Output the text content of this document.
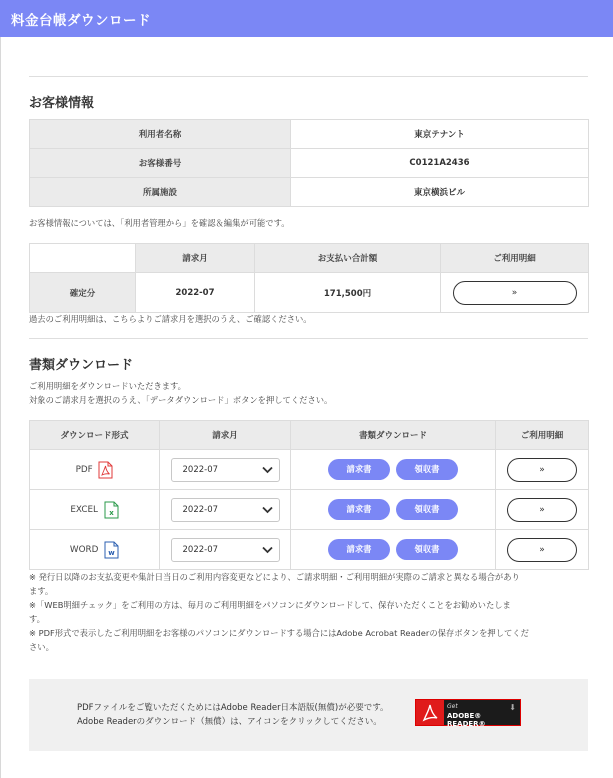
料金台帳ダウンロード
お客様情報
利用者名称	東京テナント
お客様番号	C0121A2436
所属施設	東京横浜ビル
お客様情報については、「利用者管理から」を確認＆編集が可能です。
	請求月	お支払い合計額	ご利用明細
確定分	2022-07	171,500円	»
過去のご利用明細は、こちらよりご請求月を選択のうえ、ご確認ください。
書類ダウンロード
ご利用明細をダウンロードいただきます。
対象のご請求月を選択のうえ、「データダウンロード」ボタンを押してください。
ダウンロード形式	請求月	書類ダウンロード	ご利用明細
PDF	2022-07	請求書 領収書	»
EXCEL x	2022-07	請求書 領収書	»
WORD w	2022-07	請求書 領収書	»
※ 発行日以降のお支払変更や集計日当日のご利用内容変更などにより、ご請求明細・ご利用明細が実際のご請求と異なる場合があり
ます。
※「WEB明細チェック」をご利用の方は、毎月のご利用明細をパソコンにダウンロードして、保存いただくことをお勧めいたしま
す。
※ PDF形式で表示したご利用明細をお客様のパソコンにダウンロードする場合にはAdobe Acrobat Readerの保存ボタンを押してくだ
さい。
PDFファイルをご覧いただくためにはAdobe Reader日本語版(無償)が必要です。
Adobe Readerのダウンロード（無償）は、アイコンをクリックしてください。
Get
ADOBE® READER®
⬇
